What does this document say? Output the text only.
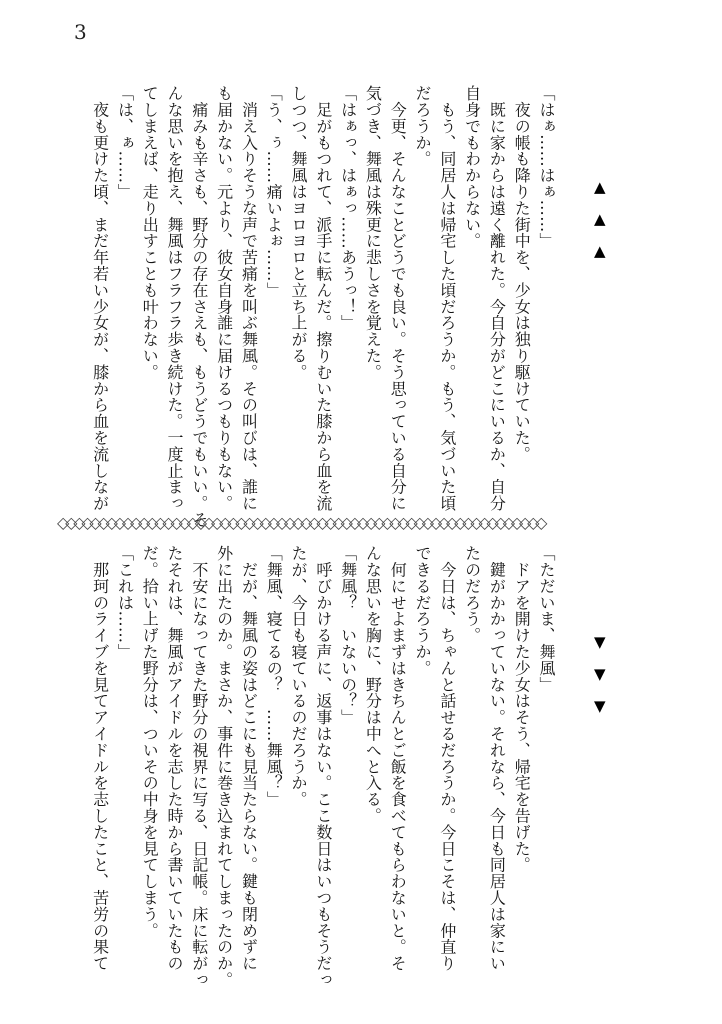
3
▲
▲
▲
「はぁ……はぁ……」
　夜の帳も降りた街中を、少女は独り駆けていた。
　既に家からは遠く離れた。今自分がどこにいるか、自分
自身でもわからない。
　もう、同居人は帰宅した頃だろうか。もう、気づいた頃
だろうか。
　今更、そんなことどうでも良い。そう思っている自分に
気づき、舞風は殊更に悲しさを覚えた。
「はぁっ、はぁっ……あうっ！」
　足がもつれて、派手に転んだ。擦りむいた膝から血を流
しつつ、舞風はヨロヨロと立ち上がる。
「う、ぅ……痛いよぉ……」
　消え入りそうな声で苦痛を叫ぶ舞風。その叫びは、誰に
も届かない。元より、彼女自身誰に届けるつもりもない。
　痛みも辛さも、野分の存在さえも、もうどうでもいい。そ
んな思いを抱え、舞風はフラフラ歩き続けた。一度止まっ
てしまえば、走り出すことも叶わない。
「は、ぁ……」
　夜も更けた頃、まだ年若い少女が、膝から血を流しなが
◇◇◇◇◇◇◇◇◇◇◇◇◇◇◇◇◇◇◇◇◇◇◇◇◇◇◇◇◇◇◇◇◇◇◇◇◇◇◇◇◇◇◇◇◇◇◇◇◇◇◇◇◇◇◇◇◇◇◇◇
▼
▼
▼
「ただいま、舞風」
　ドアを開けた少女はそう、帰宅を告げた。
　鍵がかかっていない。それなら、今日も同居人は家にい
たのだろう。
　今日は、ちゃんと話せるだろうか。今日こそは、仲直り
できるだろうか。
　何にせよまずはきちんとご飯を食べてもらわないと。そ
んな思いを胸に、野分は中へと入る。
「舞風？　いないの？」
　呼びかける声に、返事はない。ここ数日はいつもそうだっ
たが、今日も寝ているのだろうか。
「舞風、寝てるの？　……舞風？」
　だが、舞風の姿はどこにも見当たらない。鍵も閉めずに
外に出たのか。まさか、事件に巻き込まれてしまったのか。
　不安になってきた野分の視界に写る、日記帳。床に転がっ
たそれは、舞風がアイドルを志した時から書いていたもの
だ。拾い上げた野分は、ついその中身を見てしまう。
「これは……」
　那珂のライブを見てアイドルを志したこと、苦労の果て
